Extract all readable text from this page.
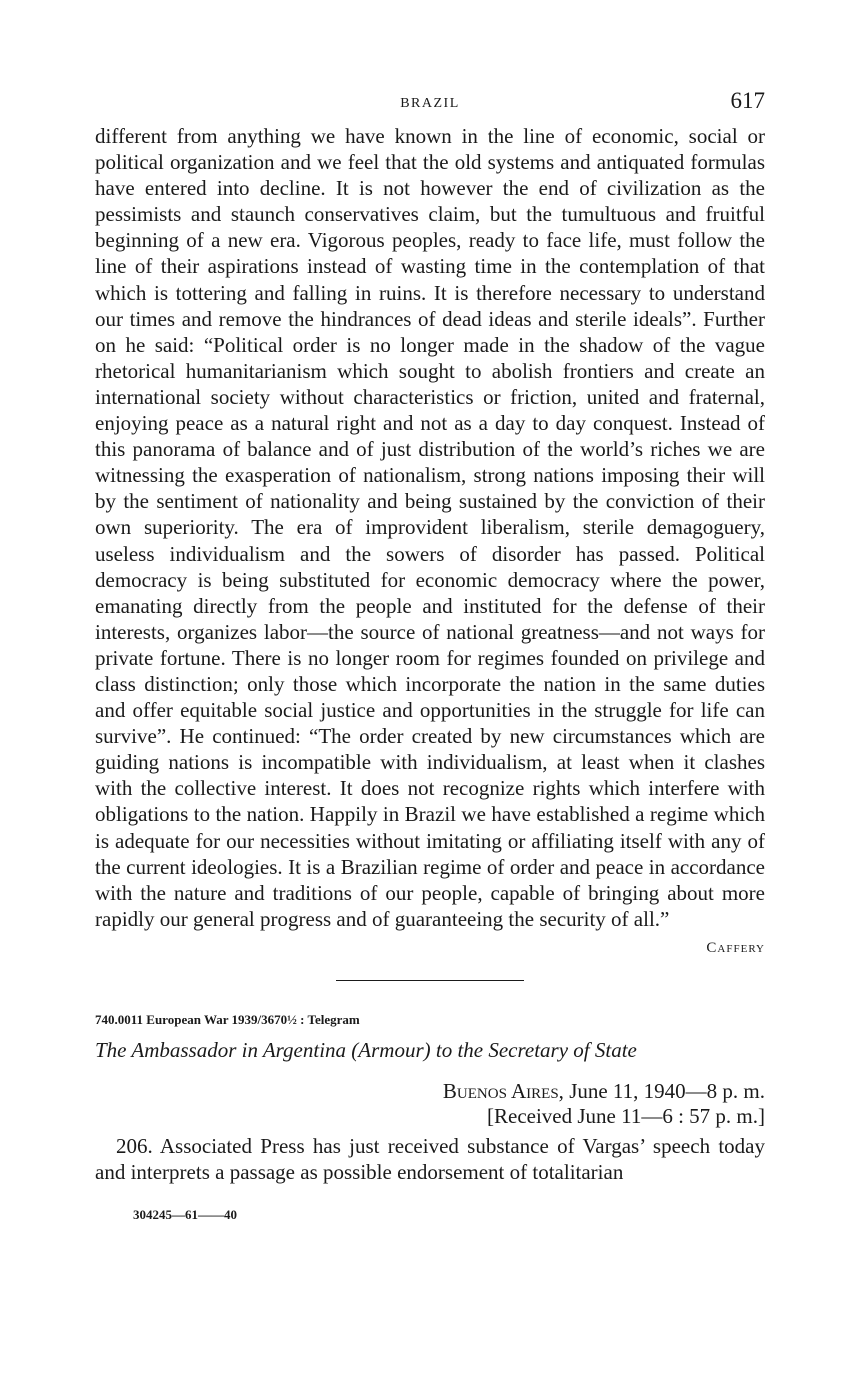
BRAZIL	617

different from anything we have known in the line of economic, social or political organization and we feel that the old systems and antiquated formulas have entered into decline. It is not however the end of civilization as the pessimists and staunch conservatives claim, but the tumultuous and fruitful beginning of a new era. Vigorous peoples, ready to face life, must follow the line of their aspirations instead of wasting time in the contemplation of that which is tottering and falling in ruins. It is therefore necessary to understand our times and remove the hindrances of dead ideas and sterile ideals”. Further on he said: “Political order is no longer made in the shadow of the vague rhetorical humanitarianism which sought to abolish frontiers and create an international society without characteristics or friction, united and fraternal, enjoying peace as a natural right and not as a day to day conquest. Instead of this panorama of balance and of just distribution of the world’s riches we are witnessing the exasperation of nationalism, strong nations imposing their will by the sentiment of nationality and being sustained by the conviction of their own superiority. The era of improvident liberalism, sterile demagoguery, useless individualism and the sowers of disorder has passed. Political democracy is being substituted for economic democracy where the power, emanating directly from the people and instituted for the defense of their interests, organizes labor—the source of national greatness—and not ways for private fortune. There is no longer room for regimes founded on privilege and class distinction; only those which incorporate the nation in the same duties and offer equitable social justice and opportunities in the struggle for life can survive”. He continued: “The order created by new circumstances which are guiding nations is incompatible with individualism, at least when it clashes with the collective interest. It does not recognize rights which interfere with obligations to the nation. Happily in Brazil we have established a regime which is adequate for our necessities without imitating or affiliating itself with any of the current ideologies. It is a Brazilian regime of order and peace in accordance with the nature and traditions of our people, capable of bringing about more rapidly our general progress and of guaranteeing the security of all.”

Caffery
740.0011 European War 1939/3670½ : Telegram
The Ambassador in Argentina (Armour) to the Secretary of State
Buenos Aires, June 11, 1940—8 p. m.
[Received June 11—6 : 57 p. m.]

206. Associated Press has just received substance of Vargas’ speech today and interprets a passage as possible endorsement of totalitarian

304245—61——40
